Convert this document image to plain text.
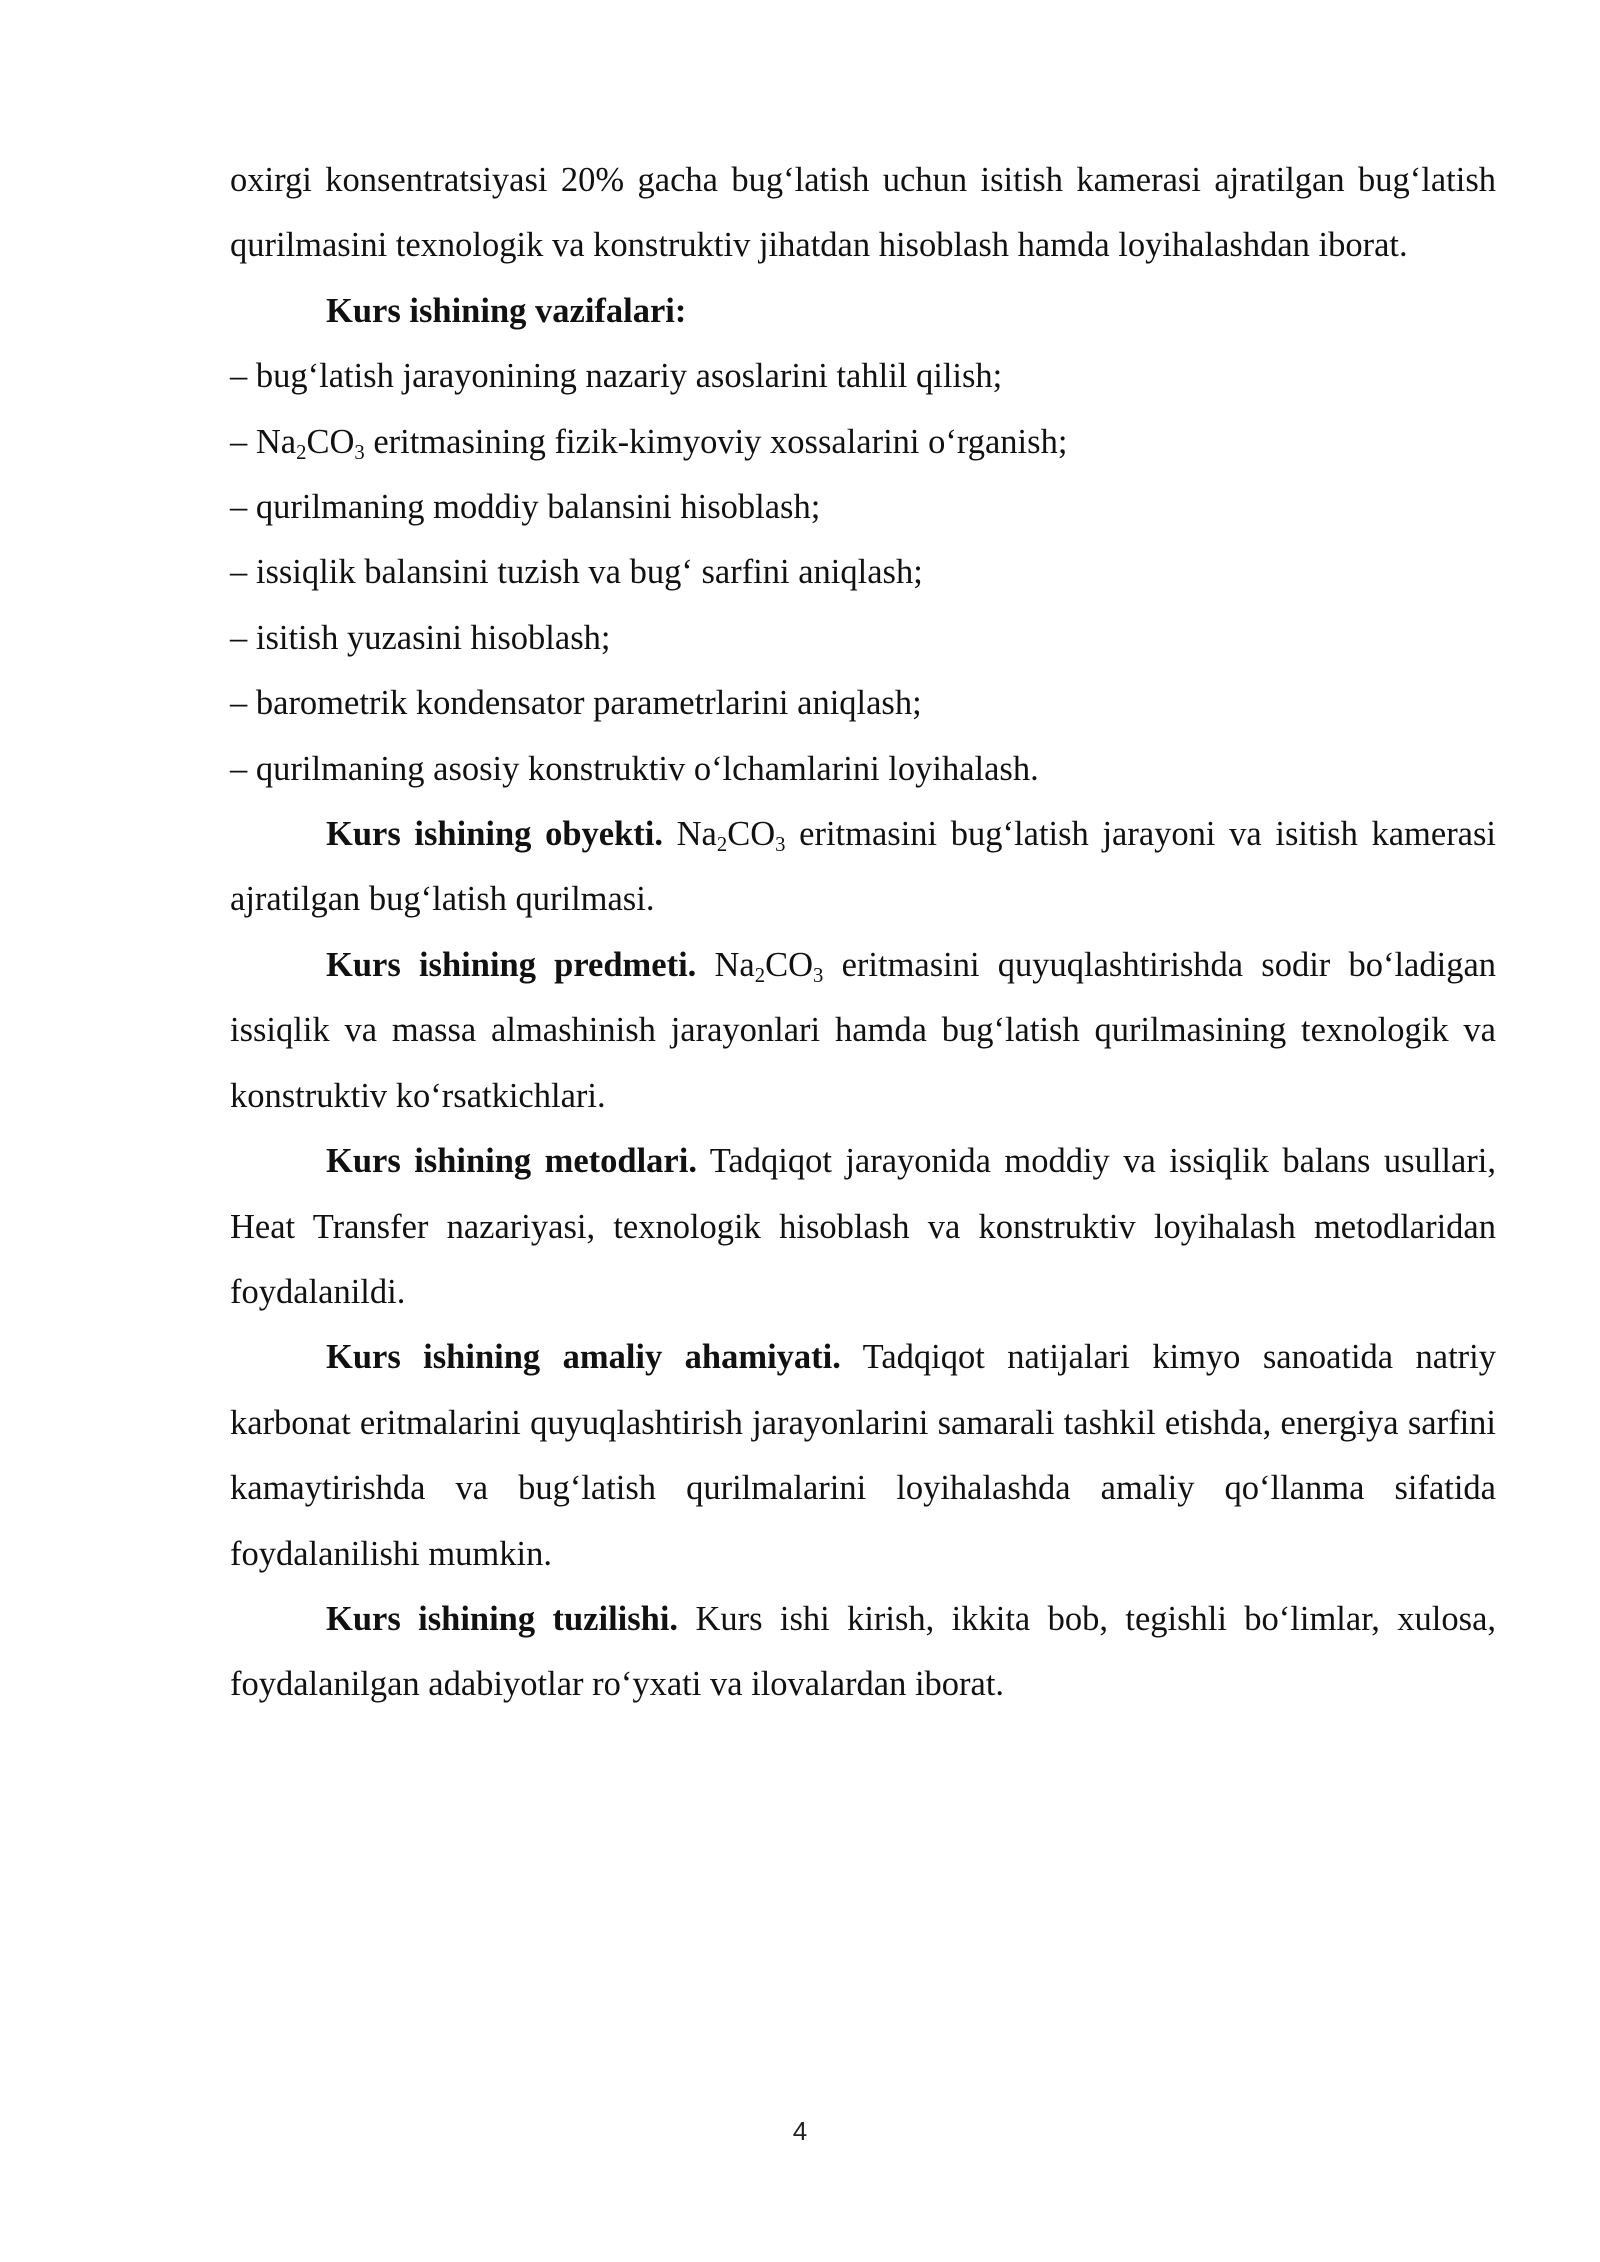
oxirgi konsentratsiyasi 20% gacha bug‘latish uchun isitish kamerasi ajratilgan bug‘latish qurilmasini texnologik va konstruktiv jihatdan hisoblash hamda loyihalashdan iborat.

Kurs ishining vazifalari:

– bug‘latish jarayonining nazariy asoslarini tahlil qilish;

– $Na_2CO_3$ eritmasining fizik-kimyoviy xossalarini o‘rganish;

– qurilmaning moddiy balansini hisoblash;

– issiqlik balansini tuzish va bug‘ sarfini aniqlash;

– isitish yuzasini hisoblash;

– barometrik kondensator parametrlarini aniqlash;

– qurilmaning asosiy konstruktiv o‘lchamlarini loyihalash.

Kurs ishining obyekti. $Na_2CO_3$ eritmasini bug‘latish jarayoni va isitish kamerasi ajratilgan bug‘latish qurilmasi.

Kurs ishining predmeti. $Na_2CO_3$ eritmasini quyuqlashtirishda sodir bo‘ladigan issiqlik va massa almashinish jarayonlari hamda bug‘latish qurilmasining texnologik va konstruktiv ko‘rsatkichlari.

Kurs ishining metodlari. Tadqiqot jarayonida moddiy va issiqlik balans usullari, Heat Transfer nazariyasi, texnologik hisoblash va konstruktiv loyihalash metodlaridan foydalanildi.

Kurs ishining amaliy ahamiyati. Tadqiqot natijalari kimyo sanoatida natriy karbonat eritmalarini quyuqlashtirish jarayonlarini samarali tashkil etishda, energiya sarfini kamaytirishda va bug‘latish qurilmalarini loyihalashda amaliy qo‘llanma sifatida foydalanilishi mumkin.

Kurs ishining tuzilishi. Kurs ishi kirish, ikkita bob, tegishli bo‘limlar, xulosa, foydalanilgan adabiyotlar ro‘yxati va ilovalardan iborat.

4
